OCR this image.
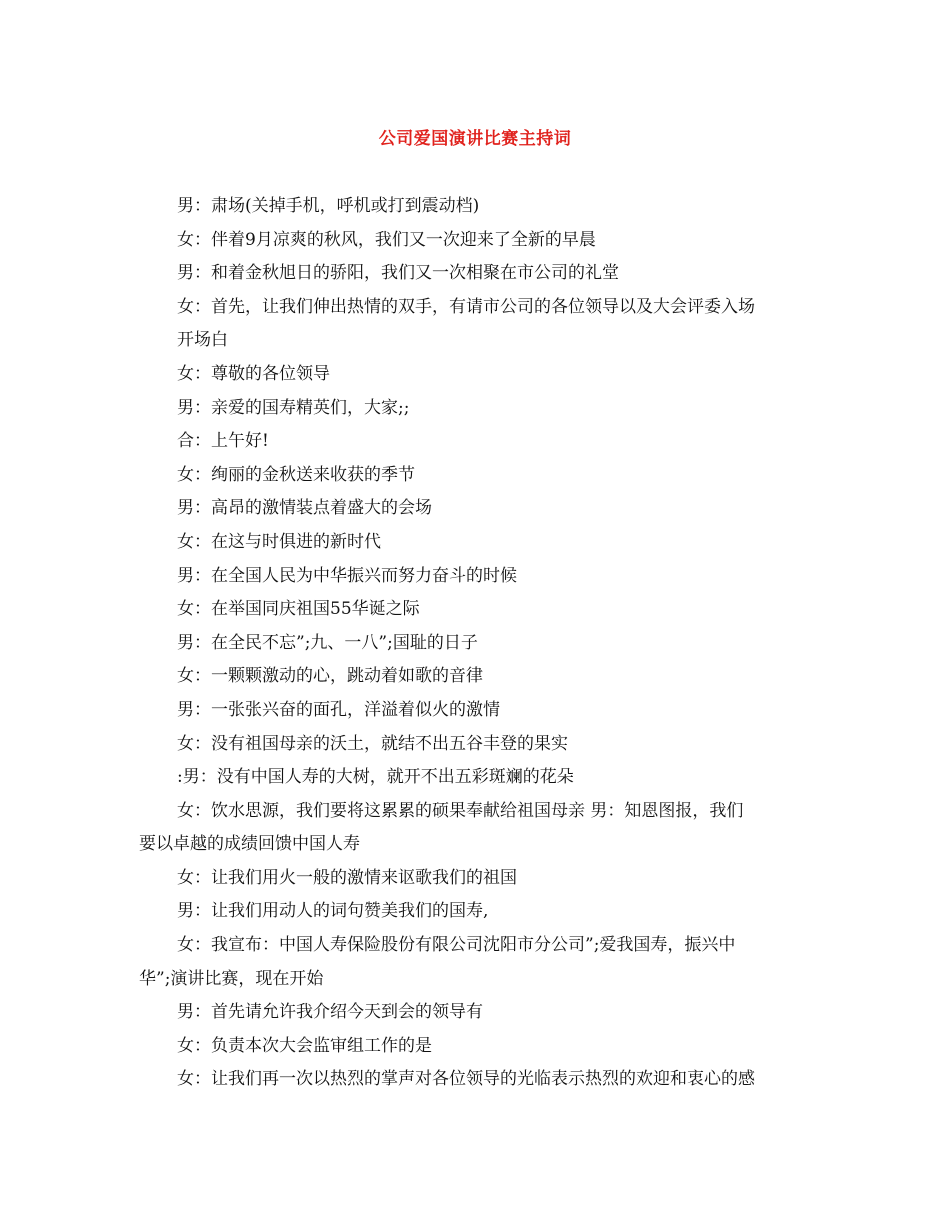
公司爱国演讲比赛主持词
男：肃场(关掉手机，呼机或打到震动档)
女：伴着9月凉爽的秋风，我们又一次迎来了全新的早晨
男：和着金秋旭日的骄阳，我们又一次相聚在市公司的礼堂
女：首先，让我们伸出热情的双手，有请市公司的各位领导以及大会评委入场
开场白
女：尊敬的各位领导
男：亲爱的国寿精英们，大家;;
合：上午好!
女：绚丽的金秋送来收获的季节
男：高昂的激情装点着盛大的会场
女：在这与时俱进的新时代
男：在全国人民为中华振兴而努力奋斗的时候
女：在举国同庆祖国55华诞之际
男：在全民不忘”;九、一八”;国耻的日子
女：一颗颗激动的心，跳动着如歌的音律
男：一张张兴奋的面孔，洋溢着似火的激情
女：没有祖国母亲的沃土，就结不出五谷丰登的果实
:男：没有中国人寿的大树，就开不出五彩斑斓的花朵
女：饮水思源，我们要将这累累的硕果奉献给祖国母亲 男：知恩图报，我们
要以卓越的成绩回馈中国人寿
女：让我们用火一般的激情来讴歌我们的祖国
男：让我们用动人的词句赞美我们的国寿,
女：我宣布：中国人寿保险股份有限公司沈阳市分公司”;爱我国寿，振兴中
华”;演讲比赛，现在开始
男：首先请允许我介绍今天到会的领导有
女：负责本次大会监审组工作的是
女：让我们再一次以热烈的掌声对各位领导的光临表示热烈的欢迎和衷心的感
